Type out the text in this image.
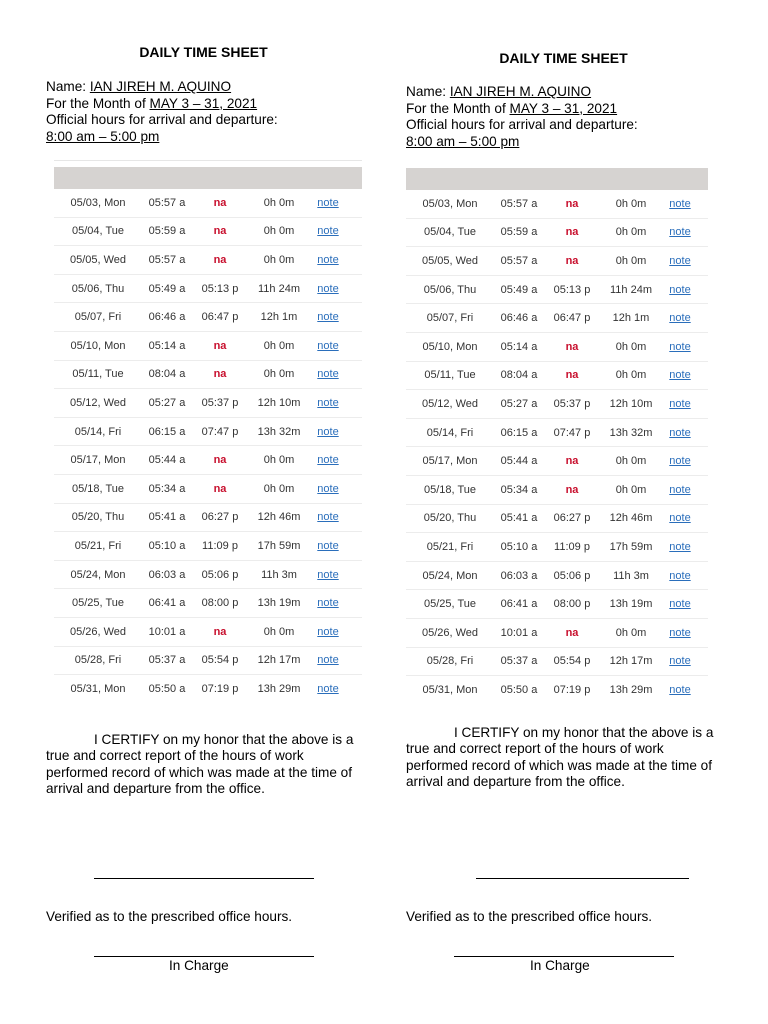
DAILY TIME SHEET
Name: IAN JIREH M. AQUINO
For the Month of MAY 3 – 31, 2021
Official hours for arrival and departure:
8:00 am – 5:00 pm
05/03, Mon	05:57 a	na	0h 0m	note
05/04, Tue	05:59 a	na	0h 0m	note
05/05, Wed	05:57 a	na	0h 0m	note
05/06, Thu	05:49 a	05:13 p	11h 24m	note
05/07, Fri	06:46 a	06:47 p	12h 1m	note
05/10, Mon	05:14 a	na	0h 0m	note
05/11, Tue	08:04 a	na	0h 0m	note
05/12, Wed	05:27 a	05:37 p	12h 10m	note
05/14, Fri	06:15 a	07:47 p	13h 32m	note
05/17, Mon	05:44 a	na	0h 0m	note
05/18, Tue	05:34 a	na	0h 0m	note
05/20, Thu	05:41 a	06:27 p	12h 46m	note
05/21, Fri	05:10 a	11:09 p	17h 59m	note
05/24, Mon	06:03 a	05:06 p	11h 3m	note
05/25, Tue	06:41 a	08:00 p	13h 19m	note
05/26, Wed	10:01 a	na	0h 0m	note
05/28, Fri	05:37 a	05:54 p	12h 17m	note
05/31, Mon	05:50 a	07:19 p	13h 29m	note
I CERTIFY on my honor that the above is a true and correct report of the hours of work performed record of which was made at the time of arrival and departure from the office.
Verified as to the prescribed office hours.
In Charge
DAILY TIME SHEET
Name: IAN JIREH M. AQUINO
For the Month of MAY 3 – 31, 2021
Official hours for arrival and departure:
8:00 am – 5:00 pm
05/03, Mon	05:57 a	na	0h 0m	note
05/04, Tue	05:59 a	na	0h 0m	note
05/05, Wed	05:57 a	na	0h 0m	note
05/06, Thu	05:49 a	05:13 p	11h 24m	note
05/07, Fri	06:46 a	06:47 p	12h 1m	note
05/10, Mon	05:14 a	na	0h 0m	note
05/11, Tue	08:04 a	na	0h 0m	note
05/12, Wed	05:27 a	05:37 p	12h 10m	note
05/14, Fri	06:15 a	07:47 p	13h 32m	note
05/17, Mon	05:44 a	na	0h 0m	note
05/18, Tue	05:34 a	na	0h 0m	note
05/20, Thu	05:41 a	06:27 p	12h 46m	note
05/21, Fri	05:10 a	11:09 p	17h 59m	note
05/24, Mon	06:03 a	05:06 p	11h 3m	note
05/25, Tue	06:41 a	08:00 p	13h 19m	note
05/26, Wed	10:01 a	na	0h 0m	note
05/28, Fri	05:37 a	05:54 p	12h 17m	note
05/31, Mon	05:50 a	07:19 p	13h 29m	note
I CERTIFY on my honor that the above is a true and correct report of the hours of work performed record of which was made at the time of arrival and departure from the office.
Verified as to the prescribed office hours.
In Charge
